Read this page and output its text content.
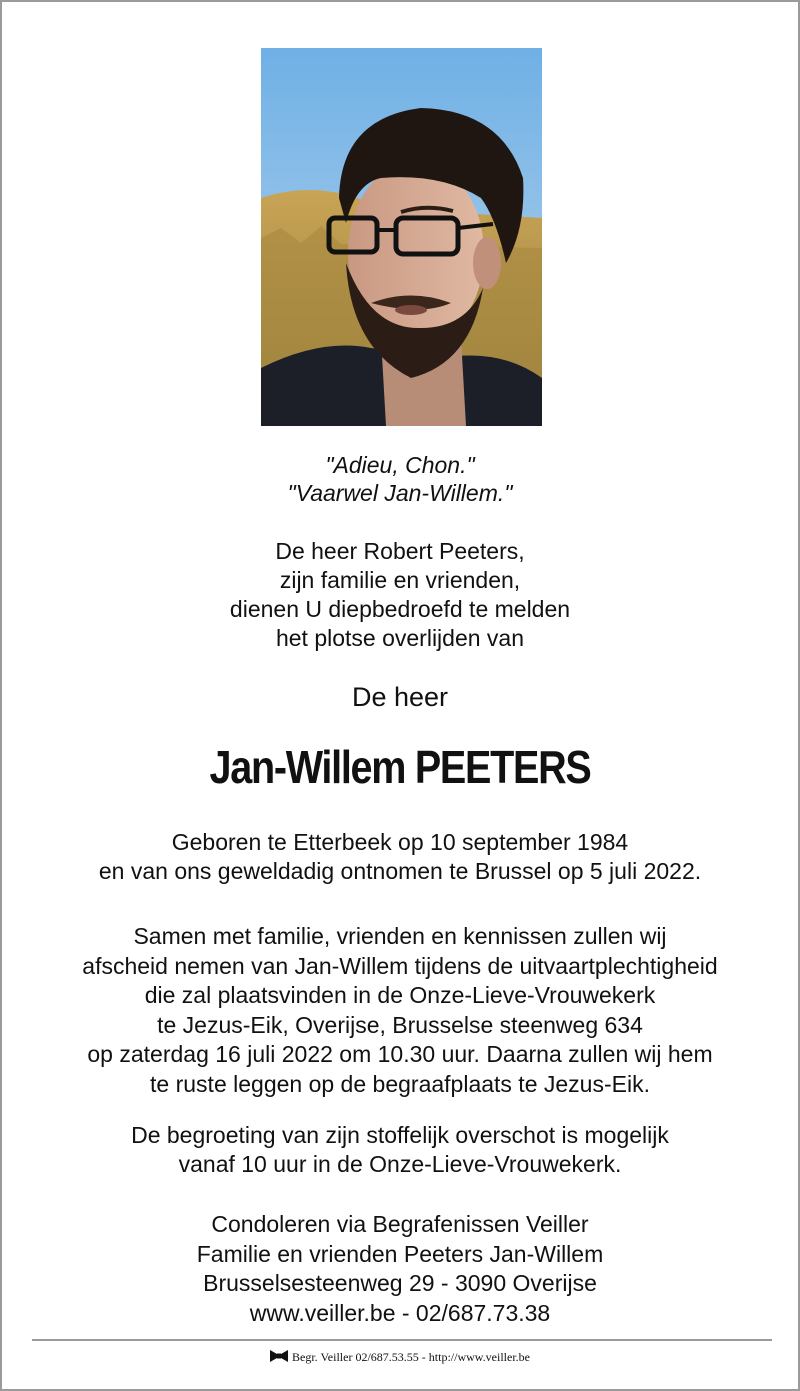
"Adieu, Chon."

"Vaarwel Jan-Willem."

De heer Robert Peeters,

zijn familie en vrienden,

dienen U diepbedroefd te melden

het plotse overlijden van

De heer
Jan-Willem PEETERS

Geboren te Etterbeek op 10 september 1984

en van ons geweldadig ontnomen te Brussel op 5 juli 2022.

Samen met familie, vrienden en kennissen zullen wij

afscheid nemen van Jan-Willem tijdens de uitvaartplechtigheid

die zal plaatsvinden in de Onze-Lieve-Vrouwekerk

te Jezus-Eik, Overijse, Brusselse steenweg 634

op zaterdag 16 juli 2022 om 10.30 uur. Daarna zullen wij hem

te ruste leggen op de begraafplaats te Jezus-Eik.

De begroeting van zijn stoffelijk overschot is mogelijk

vanaf 10 uur in de Onze-Lieve-Vrouwekerk.

Condoleren via Begrafenissen Veiller

Familie en vrienden Peeters Jan-Willem

Brusselsesteenweg 29 - 3090 Overijse

www.veiller.be - 02/687.73.38

Begr. Veiller 02/687.53.55 - http://www.veiller.be
